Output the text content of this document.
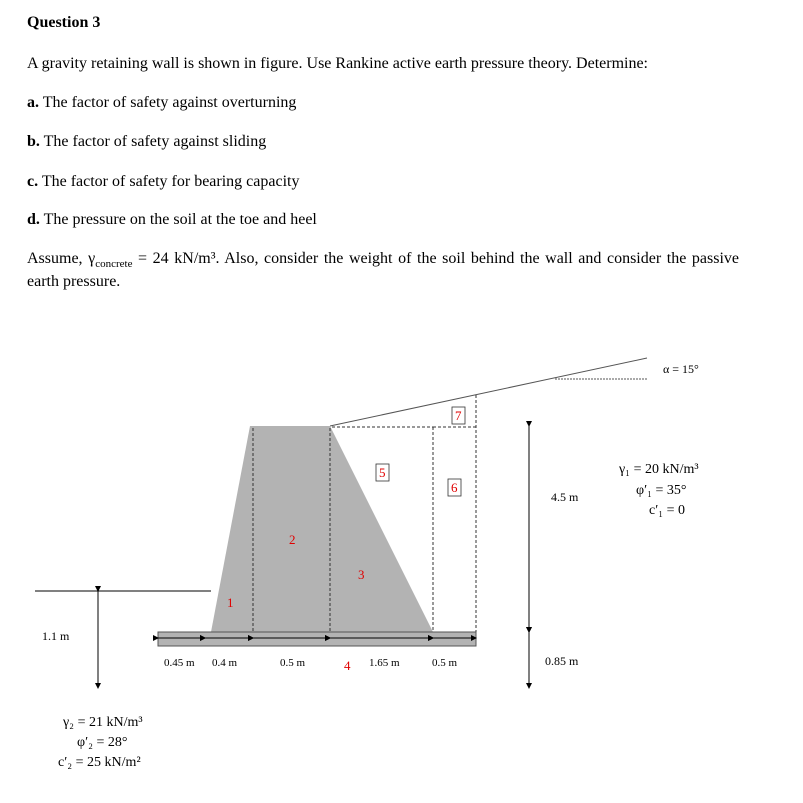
Question 3
A gravity retaining wall is shown in figure. Use Rankine active earth pressure theory. Determine:
a. The factor of safety against overturning
b. The factor of safety against sliding
c. The factor of safety for bearing capacity
d. The pressure on the soil at the toe and heel
Assume, $\gamma_{concrete} = 24$ kN/m³. Also, consider the weight of the soil behind the wall and consider the passive earth pressure.
1
2
3
4
5
6
7
0.45 m 0.4 m	0.5 m	1.65 m	0.5 m
1.1 m
4.5 m
0.85 m
α = 15°
γ₁ = 20 kN/m³
φ′₁ = 35°
c′₁ = 0
γ₂ = 21 kN/m³
φ′₂ = 28°
c′₂ = 25 kN/m²
